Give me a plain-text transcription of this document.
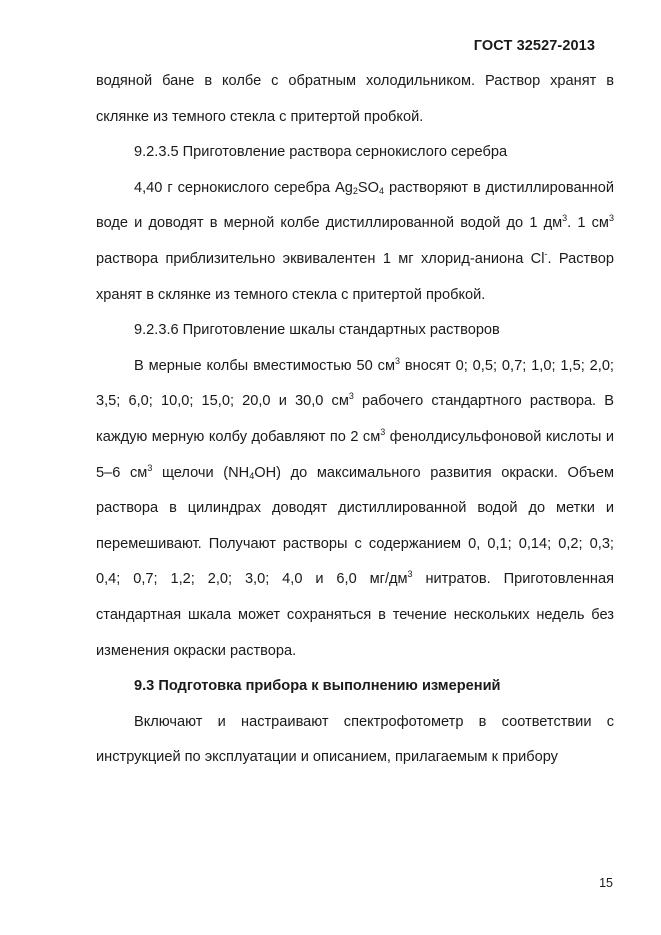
ГОСТ 32527-2013

водяной бане в колбе с обратным холодильником. Раствор хранят в склянке из темного стекла с притертой пробкой.

9.2.3.5 Приготовление раствора сернокислого серебра

4,40 г сернокислого серебра $Ag_2SO_4$ растворяют в дистиллированной воде и доводят в мерной колбе дистиллированной водой до 1 $дм^3$. 1 $см^3$ раствора приблизительно эквивалентен 1 мг хлорид-аниона Cl-. Раствор хранят в склянке из темного стекла с притертой пробкой.

9.2.3.6 Приготовление шкалы стандартных растворов

В мерные колбы вместимостью 50 $см^3$ вносят 0; 0,5; 0,7; 1,0; 1,5; 2,0; 3,5; 6,0; 10,0; 15,0; 20,0 и 30,0 $см^3$ рабочего стандартного раствора. В каждую мерную колбу добавляют по 2 $см^3$ фенолдисульфоновой кислоты и 5–6 $см^3$ щелочи $(NH_4OH)$ до максимального развития окраски. Объем раствора в цилиндрах доводят дистиллированной водой до метки и перемешивают. Получают растворы с содержанием 0, 0,1; 0,14; 0,2; 0,3; 0,4; 0,7; 1,2; 2,0; 3,0; 4,0 и 6,0 $мг/дм^3$ нитратов. Приготовленная стандартная шкала может сохраняться в течение нескольких недель без изменения окраски раствора.

9.3 Подготовка прибора к выполнению измерений

Включают и настраивают спектрофотометр в соответствии с инструкцией по эксплуатации и описанием, прилагаемым к прибору

15
